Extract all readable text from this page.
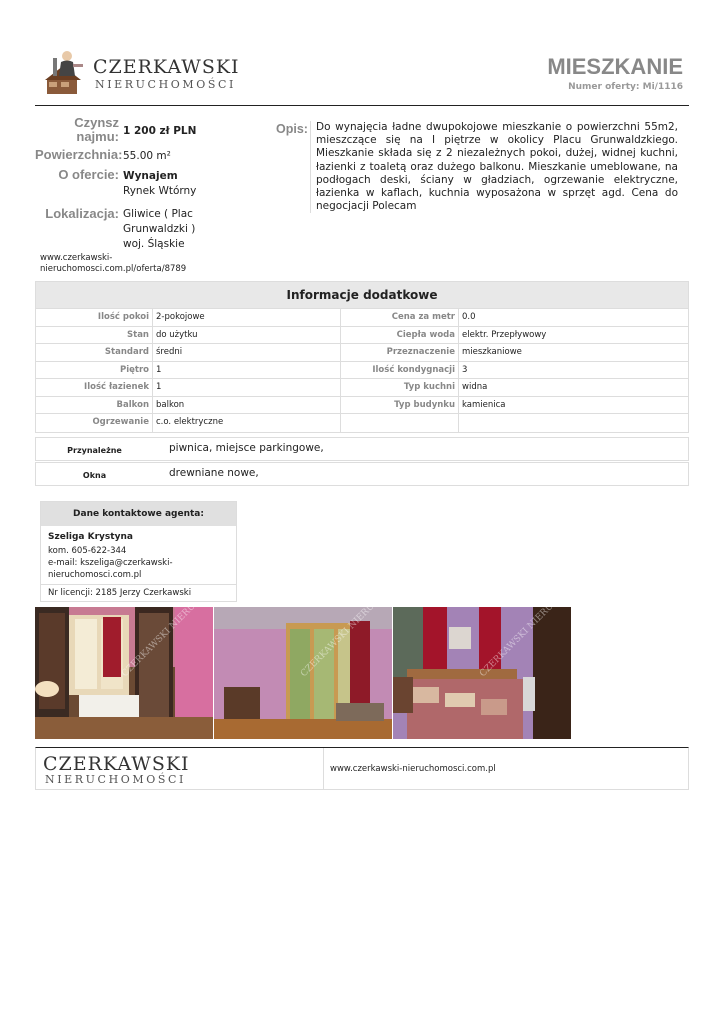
CZERKAWSKI
NIERUCHOMOŚCI
MIESZKANIE
Numer oferty: Mi/1116
Czynsz najmu: 1 200 zł PLN
Powierzchnia: 55.00 m²
O ofercie: Wynajem
Rynek Wtórny
Lokalizacja: Gliwice ( Plac Grunwaldzki )
woj. Śląskie
Opis: Do wynajęcia ładne dwupokojowe mieszkanie o powierzchni 55m2, mieszczące się na I piętrze w okolicy Placu Grunwaldzkiego. Mieszkanie składa się z 2 niezależnych pokoi, dużej, widnej kuchni, łazienki z toaletą oraz dużego balkonu. Mieszkanie umeblowane, na podłogach deski, ściany w gładziach, ogrzewanie elektryczne, łazienka w kaflach, kuchnia wyposażona w sprzęt agd. Cena do negocjacji Polecam
www.czerkawski-nieruchomosci.com.pl/oferta/8789
Informacje dodatkowe
Ilość pokoi 2-pokojowe	Cena za metr 0.0
Stan do użytku	Ciepła woda elektr. Przepływowy
Standard średni	Przeznaczenie mieszkaniowe
Piętro 1	Ilość kondygnacji 3
Ilość łazienek 1	Typ kuchni widna
Balkon balkon	Typ budynku kamienica
Ogrzewanie c.o. elektryczne
Przynależne	piwnica, miejsce parkingowe,
Okna	drewniane nowe,
Dane kontaktowe agenta:
Szeliga Krystyna
kom. 605-622-344
e-mail: kszeliga@czerkawski-nieruchomosci.com.pl
Nr licencji: 2185 Jerzy Czerkawski
CZERKAWSKI	CZERKAWSKI
CZERKAWSKI
NIERUCHOMOŚCI
www.czerkawski-nieruchomosci.com.pl
